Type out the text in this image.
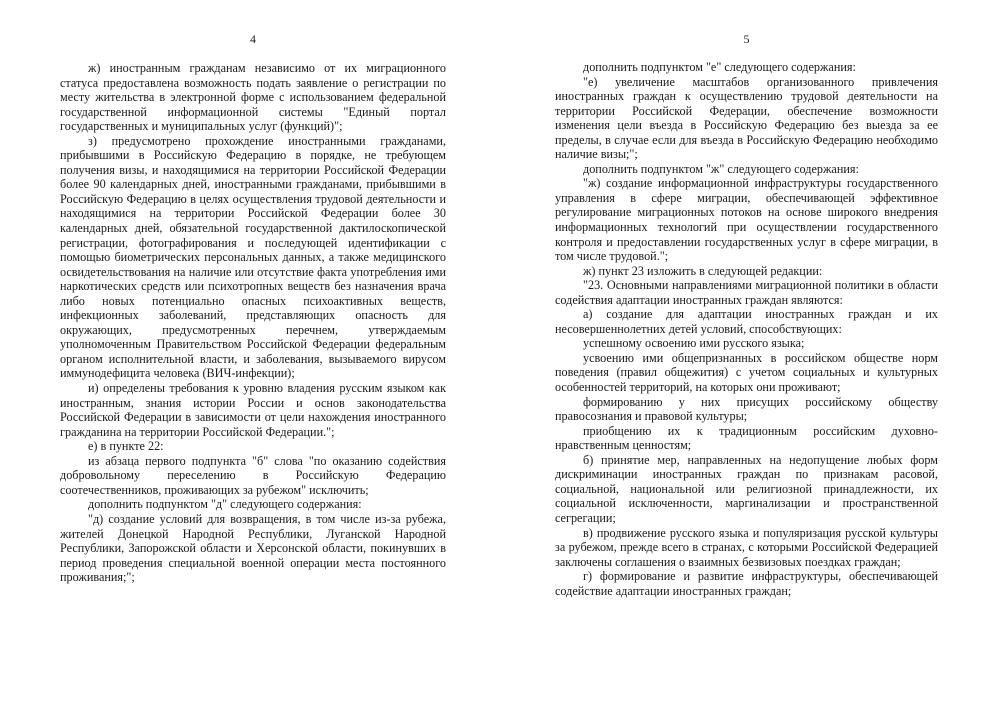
4

ж) иностранным гражданам независимо от их миграционного статуса предоставлена возможность подать заявление о регистрации по месту жительства в электронной форме с использованием федеральной государственной информационной системы "Единый портал государственных и муниципальных услуг (функций)";

з) предусмотрено прохождение иностранными гражданами, прибывшими в Российскую Федерацию в порядке, не требующем получения визы, и находящимися на территории Российской Федерации более 90 календарных дней, иностранными гражданами, прибывшими в Российскую Федерацию в целях осуществления трудовой деятельности и находящимися на территории Российской Федерации более 30 календарных дней, обязательной государственной дактилоскопической регистрации, фотографирования и последующей идентификации с помощью биометрических персональных данных, а также медицинского освидетельствования на наличие или отсутствие факта употребления ими наркотических средств или психотропных веществ без назначения врача либо новых потенциально опасных психоактивных веществ, инфекционных заболеваний, представляющих опасность для окружающих, предусмотренных перечнем, утверждаемым уполномоченным Правительством Российской Федерации федеральным органом исполнительной власти, и заболевания, вызываемого вирусом иммунодефицита человека (ВИЧ-инфекции);

и) определены требования к уровню владения русским языком как иностранным, знания истории России и основ законодательства Российской Федерации в зависимости от цели нахождения иностранного гражданина на территории Российской Федерации.";

е) в пункте 22:

из абзаца первого подпункта "б" слова "по оказанию содействия добровольному переселению в Российскую Федерацию соотечественников, проживающих за рубежом" исключить;

дополнить подпунктом "д" следующего содержания:

"д) создание условий для возвращения, в том числе из-за рубежа, жителей Донецкой Народной Республики, Луганской Народной Республики, Запорожской области и Херсонской области, покинувших в период проведения специальной военной операции места постоянного проживания;";

5

дополнить подпунктом "е" следующего содержания:

"е) увеличение масштабов организованного привлечения иностранных граждан к осуществлению трудовой деятельности на территории Российской Федерации, обеспечение возможности изменения цели въезда в Российскую Федерацию без выезда за ее пределы, в случае если для въезда в Российскую Федерацию необходимо наличие визы;";

дополнить подпунктом "ж" следующего содержания:

"ж) создание информационной инфраструктуры государственного управления в сфере миграции, обеспечивающей эффективное регулирование миграционных потоков на основе широкого внедрения информационных технологий при осуществлении государственного контроля и предоставлении государственных услуг в сфере миграции, в том числе трудовой.";

ж) пункт 23 изложить в следующей редакции:

"23. Основными направлениями миграционной политики в области содействия адаптации иностранных граждан являются:

а) создание для адаптации иностранных граждан и их несовершеннолетних детей условий, способствующих:

успешному освоению ими русского языка;

усвоению ими общепризнанных в российском обществе норм поведения (правил общежития) с учетом социальных и культурных особенностей территорий, на которых они проживают;

формированию у них присущих российскому обществу правосознания и правовой культуры;

приобщению их к традиционным российским духовно-нравственным ценностям;

б) принятие мер, направленных на недопущение любых форм дискриминации иностранных граждан по признакам расовой, социальной, национальной или религиозной принадлежности, их социальной исключенности, маргинализации и пространственной сегрегации;

в) продвижение русского языка и популяризация русской культуры за рубежом, прежде всего в странах, с которыми Российской Федерацией заключены соглашения о взаимных безвизовых поездках граждан;

г) формирование и развитие инфраструктуры, обеспечивающей содействие адаптации иностранных граждан;
